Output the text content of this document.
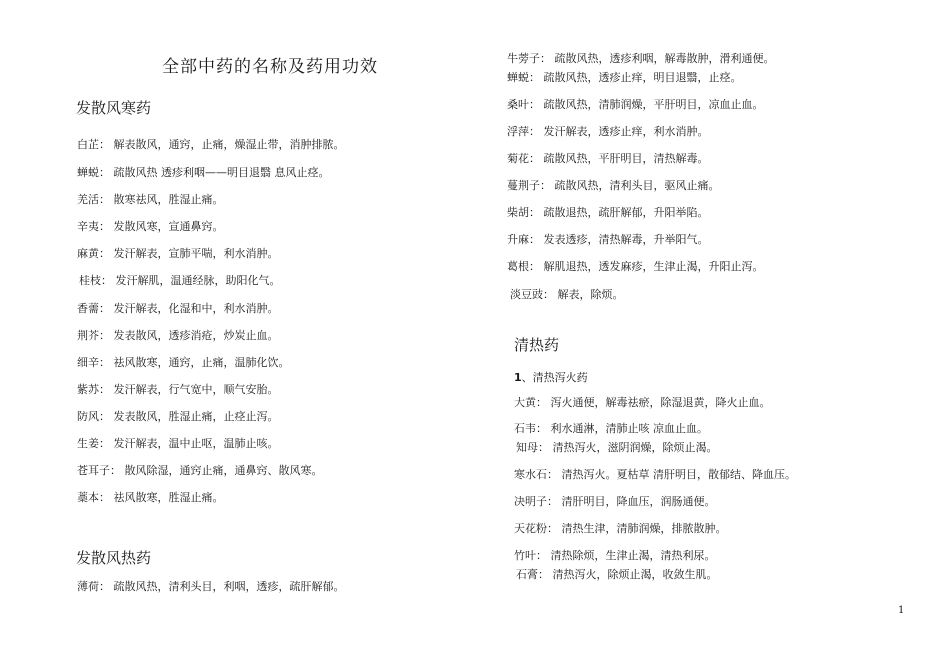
全部中药的名称及药用功效
发散风寒药
白芷： 解表散风，通窍，止痛，燥湿止带，消肿排脓。
蝉蜕： 疏散风热 透疹利咽——明目退翳 息风止痉。
羌活： 散寒祛风，胜湿止痛。
辛夷： 发散风寒，宣通鼻窍。
麻黄： 发汗解表，宣肺平喘，利水消肿。
桂枝： 发汗解肌，温通经脉，助阳化气。
香薷： 发汗解表，化湿和中，利水消肿。
荆芥： 发表散风，透疹消疮，炒炭止血。
细辛： 祛风散寒，通窍，止痛，温肺化饮。
紫苏： 发汗解表，行气宽中，顺气安胎。
防风： 发表散风，胜湿止痛，止痉止泻。
生姜： 发汗解表，温中止呕，温肺止咳。
苍耳子： 散风除湿，通窍止痛，通鼻窍、散风寒。
藁本： 祛风散寒，胜湿止痛。
发散风热药
薄荷： 疏散风热，清利头目，利咽，透疹，疏肝解郁。
牛蒡子： 疏散风热，透疹利咽，解毒散肿，滑利通便。
蝉蜕： 疏散风热，透疹止痒，明目退翳，止痉。
桑叶： 疏散风热，清肺润燥，平肝明目，凉血止血。
浮萍： 发汗解表，透疹止痒，利水消肿。
菊花： 疏散风热，平肝明目，清热解毒。
蔓荆子： 疏散风热，清利头目，驱风止痛。
柴胡： 疏散退热，疏肝解郁，升阳举陷。
升麻： 发表透疹，清热解毒，升举阳气。
葛根： 解肌退热，透发麻疹，生津止渴，升阳止泻。
淡豆豉： 解表，除烦。
清热药
1、清热泻火药
大黄： 泻火通便，解毒祛瘀，除湿退黄，降火止血。
石韦： 利水通淋，清肺止咳 凉血止血。
知母： 清热泻火，滋阴润燥，除烦止渴。
寒水石： 清热泻火。夏枯草 清肝明目，散郁结、降血压。
决明子： 清肝明目，降血压，润肠通便。
天花粉： 清热生津，清肺润燥，排脓散肿。
竹叶： 清热除烦，生津止渴，清热利尿。
石膏： 清热泻火，除烦止渴，收敛生肌。
1
